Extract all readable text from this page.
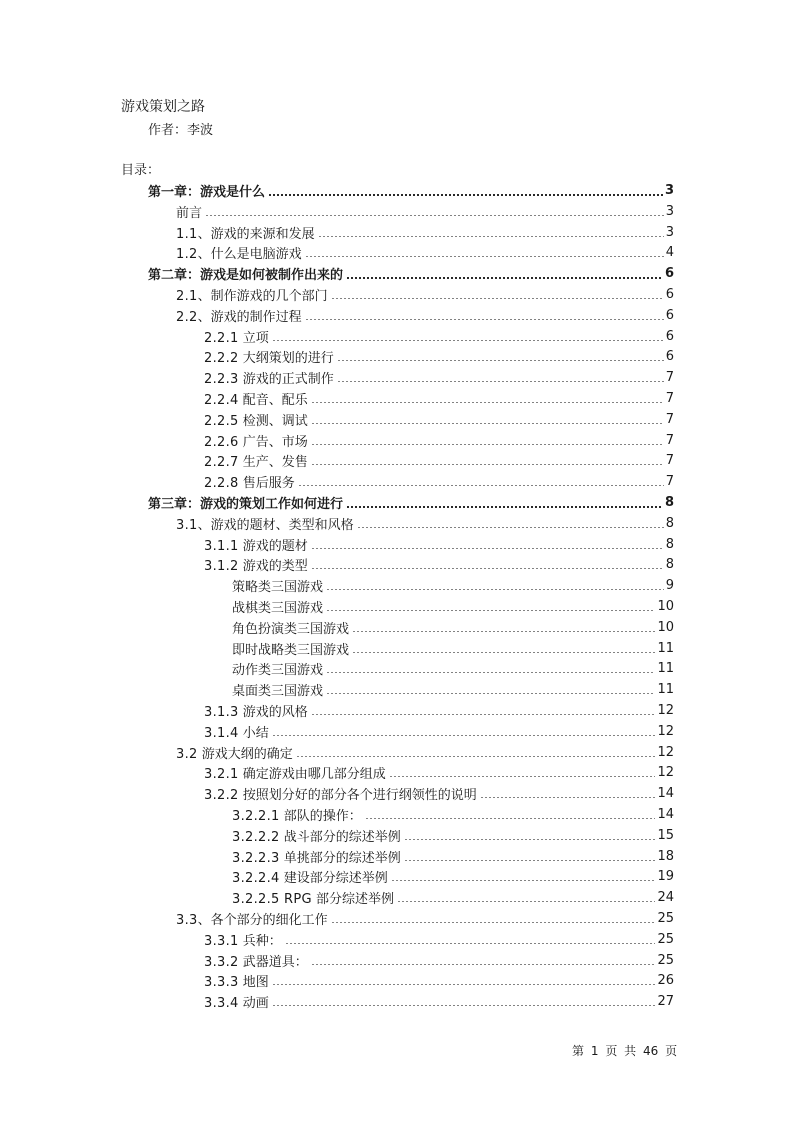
游戏策划之路
作者：李波
目录：
第一章：游戏是什么	3
前言	3
1.1、游戏的来源和发展	3
1.2、什么是电脑游戏	4
第二章：游戏是如何被制作出来的	6
2.1、制作游戏的几个部门	6
2.2、游戏的制作过程	6
2.2.1 立项	6
2.2.2 大纲策划的进行	6
2.2.3 游戏的正式制作	7
2.2.4 配音、配乐	7
2.2.5 检测、调试	7
2.2.6 广告、市场	7
2.2.7 生产、发售	7
2.2.8 售后服务	7
第三章：游戏的策划工作如何进行	8
3.1、游戏的题材、类型和风格	8
3.1.1 游戏的题材	8
3.1.2 游戏的类型	8
策略类三国游戏	9
战棋类三国游戏	10
角色扮演类三国游戏	10
即时战略类三国游戏	11
动作类三国游戏	11
桌面类三国游戏	11
3.1.3 游戏的风格	12
3.1.4 小结	12
3.2 游戏大纲的确定	12
3.2.1 确定游戏由哪几部分组成	12
3.2.2 按照划分好的部分各个进行纲领性的说明	14
3.2.2.1 部队的操作：	14
3.2.2.2 战斗部分的综述举例	15
3.2.2.3 单挑部分的综述举例	18
3.2.2.4 建设部分综述举例	19
3.2.2.5 RPG 部分综述举例	24
3.3、各个部分的细化工作	25
3.3.1 兵种：	25
3.3.2 武器道具：	25
3.3.3 地图	26
3.3.4 动画	27
第 1 页 共 46 页
